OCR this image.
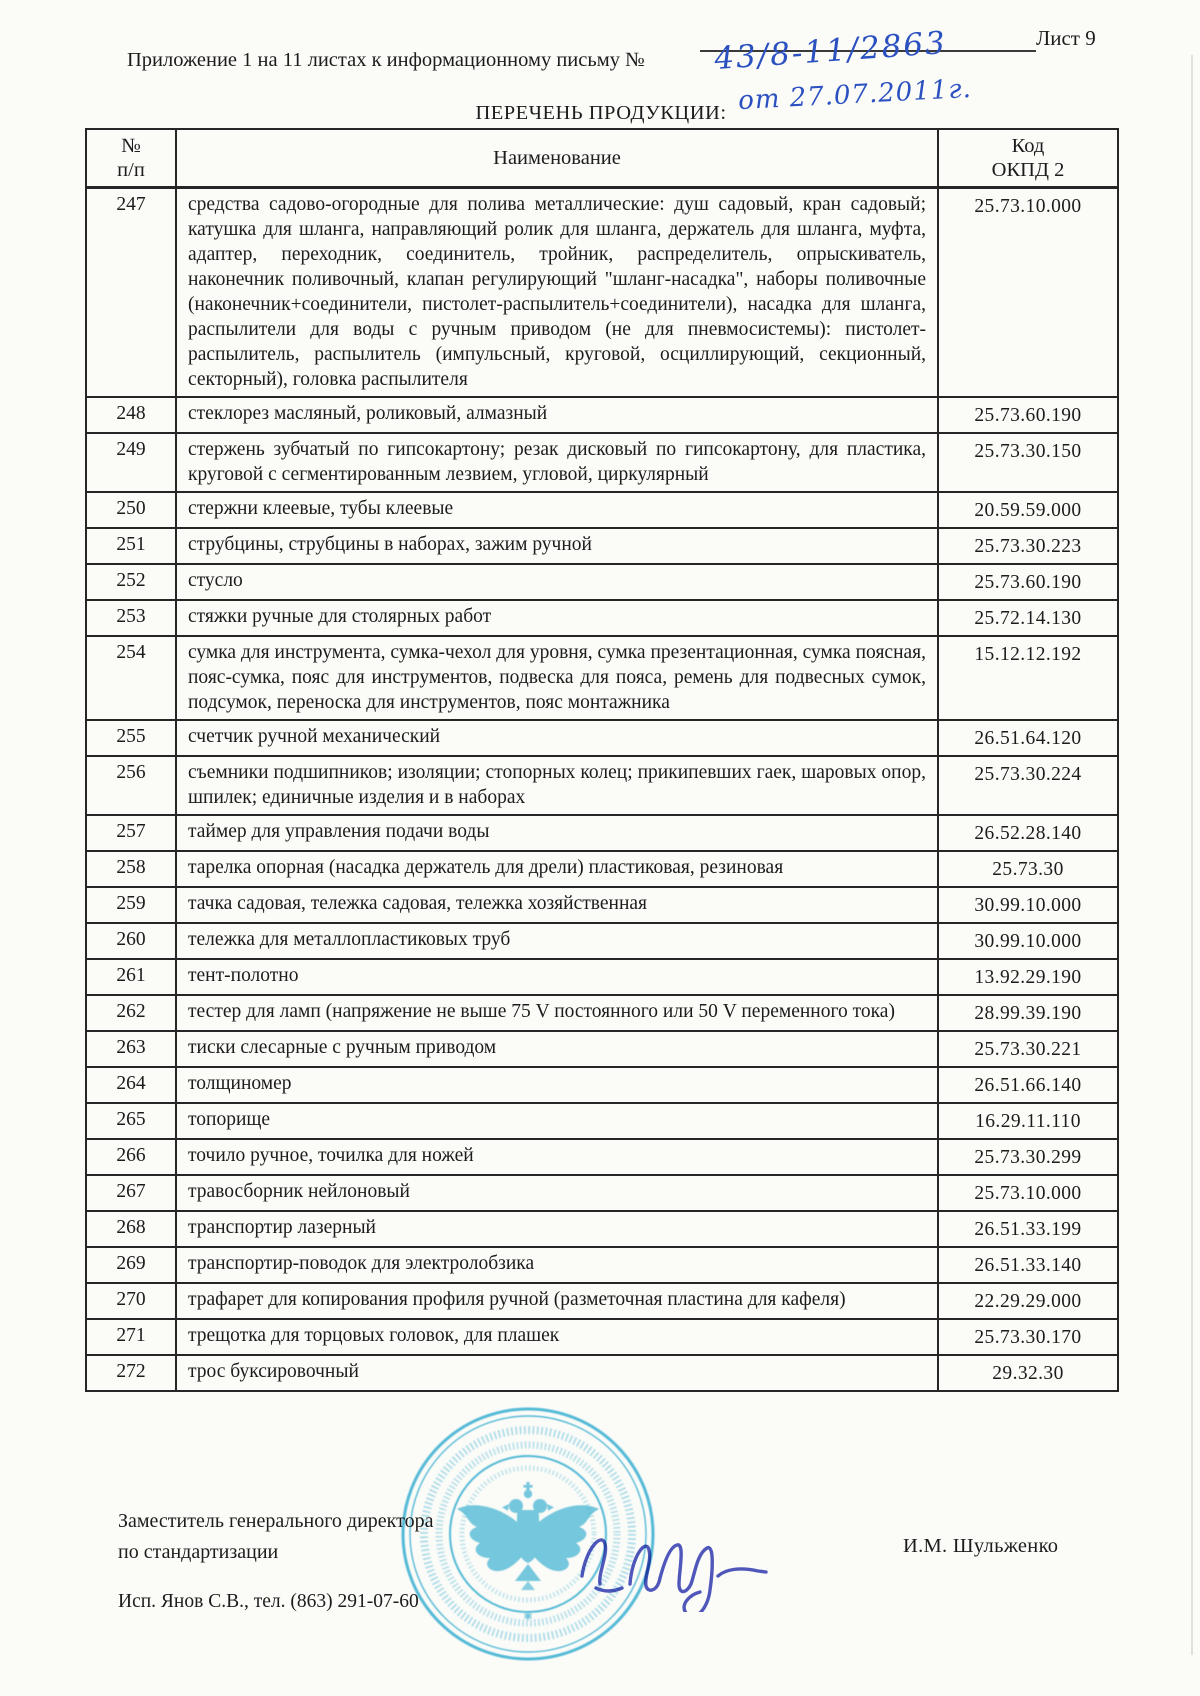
Лист 9
Приложение 1 на 11 листах к информационному письму № 43/8-11/2863
от 27.07.2011г.
ПЕРЕЧЕНЬ ПРОДУКЦИИ:
№
п/п	Наименование	Код
ОКПД 2
247	средства садово-огородные для полива металлические: душ садовый, кран садовый; катушка для шланга, направляющий ролик для шланга, держатель для шланга, муфта, адаптер, переходник, соединитель, тройник, распределитель, опрыскиватель, наконечник поливочный, клапан регулирующий "шланг-насадка", наборы поливочные (наконечник+соединители, пистолет-распылитель+соединители), насадка для шланга, распылители для воды с ручным приводом (не для пневмосистемы): пистолет-распылитель, распылитель (импульсный, круговой, осциллирующий, секционный, секторный), головка распылителя	25.73.10.000
248	стеклорез масляный, роликовый, алмазный	25.73.60.190
249	стержень зубчатый по гипсокартону; резак дисковый по гипсокартону, для пластика, круговой с сегментированным лезвием, угловой, циркулярный	25.73.30.150
250	стержни клеевые, тубы клеевые	20.59.59.000
251	струбцины, струбцины в наборах, зажим ручной	25.73.30.223
252	стусло	25.73.60.190
253	стяжки ручные для столярных работ	25.72.14.130
254	сумка для инструмента, сумка-чехол для уровня, сумка презентационная, сумка поясная, пояс-сумка, пояс для инструментов, подвеска для пояса, ремень для подвесных сумок, подсумок, переноска для инструментов, пояс монтажника	15.12.12.192
255	счетчик ручной механический	26.51.64.120
256	съемники подшипников; изоляции; стопорных колец; прикипевших гаек, шаровых опор, шпилек; единичные изделия и в наборах	25.73.30.224
257	таймер для управления подачи воды	26.52.28.140
258	тарелка опорная (насадка держатель для дрели) пластиковая, резиновая	25.73.30
259	тачка садовая, тележка садовая, тележка хозяйственная	30.99.10.000
260	тележка для металлопластиковых труб	30.99.10.000
261	тент-полотно	13.92.29.190
262	тестер для ламп (напряжение не выше 75 V постоянного или 50 V переменного тока)	28.99.39.190
263	тиски слесарные с ручным приводом	25.73.30.221
264	толщиномер	26.51.66.140
265	топорище	16.29.11.110
266	точило ручное, точилка для ножей	25.73.30.299
267	травосборник нейлоновый	25.73.10.000
268	транспортир лазерный	26.51.33.199
269	транспортир-поводок для электролобзика	26.51.33.140
270	трафарет для копирования профиля ручной (разметочная пластина для кафеля)	22.29.29.000
271	трещотка для торцовых головок, для плашек	25.73.30.170
272	трос буксировочный	29.32.30
Заместитель генерального директора
по стандартизации	И.М. Шульженко
Исп. Янов С.В., тел. (863) 291-07-60
✱
